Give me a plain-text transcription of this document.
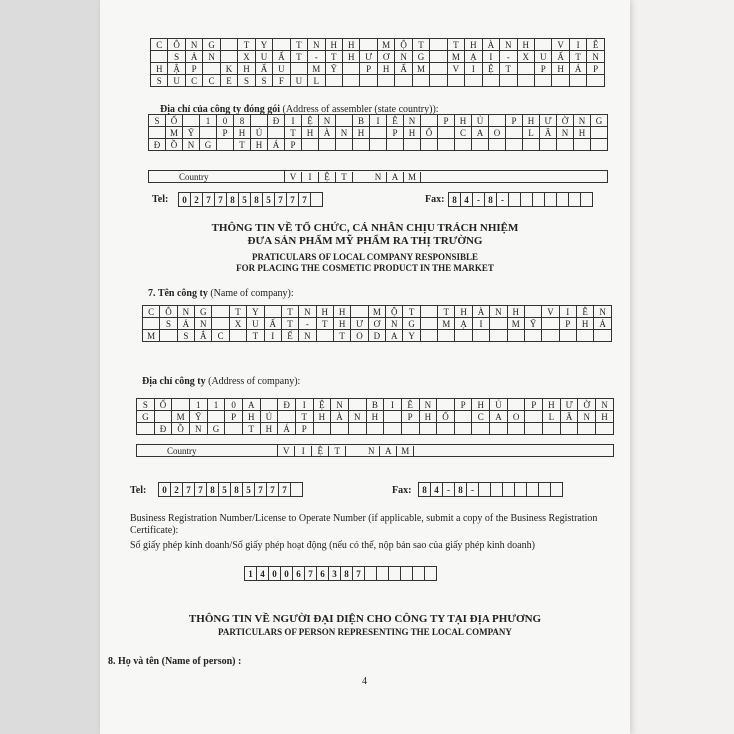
C	Ô	N	G		T	Y		T	N	H	H		M	Ộ	T		T	H	À	N	H		V	I	Ê
	S	Ả	N		X	U	Ấ	T	-	T	H	Ư	Ơ	N	G		M	Ạ	I	-	X	U	Ấ	T	N
H	Ậ	P		K	H	Ẩ	U		M	Ỹ		P	H	Ẩ	M		V	I	Ệ	T		P	H	Á	P
S	U	C	C	E	S	S	F	U	L																
Địa chỉ của công ty đóng gói (Address of assembler (state country)):
S	Ố		1	0	8		Đ	I	Ệ	N		B	I	Ê	N		P	H	Ủ		P	H	Ư	Ờ	N	G
	M	Ỹ		P	H	Ú		T	H	À	N	H		P	H	Ố		C	A	O		L	Ã	N	H	
Đ	Ồ	N	G		T	H	Á	P																		
Country	V I Ệ T	N A M
Tel: 0	2	7	7	8	5	8	5	7	7	7		Fax: 8	4	-	8	-							
THÔNG TIN VỀ TỔ CHỨC, CÁ NHÂN CHỊU TRÁCH NHIỆM
ĐƯA SẢN PHẨM MỸ PHẨM RA THỊ TRƯỜNG
PRATICULARS OF LOCAL COMPANY RESPONSIBLE
FOR PLACING THE COSMETIC PRODUCT IN THE MARKET
7. Tên công ty (Name of company):
C	Ô	N	G		T	Y		T	N	H	H		M	Ộ	T		T	H	À	N	H		V	I	Ê	N
	S	Ả	N		X	U	Ấ	T	-	T	H	Ư	Ơ	N	G		M	Ạ	I		M	Ỹ		P	H	Ả
M		S	Ắ	C		T	I	Ế	N		T	O	D	A	Y											
Địa chỉ công ty (Address of company):
S	Ố		1	1	0	A		Đ	I	Ệ	N		B	I	Ê	N		P	H	Ủ		P	H	Ư	Ờ	N
G		M	Ỹ		P	H	Ú		T	H	À	N	H		P	H	Ố		C	A	O		L	Ã	N	H
	Đ	Ồ	N	G		T	H	Á	P																	
Country	V I Ệ T	N A M
Tel: 0	2	7	7	8	5	8	5	7	7	7		Fax: 8	4	-	8	-							
Business Registration Number/License to Operate Number (if applicable, submit a copy of the Business Registration Certificate):
Số giấy phép kinh doanh/Số giấy phép hoạt động (nếu có thể, nộp bản sao của giấy phép kinh doanh)
1	4	0	0	6	7	6	3	8	7						
THÔNG TIN VỀ NGƯỜI ĐẠI DIỆN CHO CÔNG TY TẠI ĐỊA PHƯƠNG
PARTICULARS OF PERSON REPRESENTING THE LOCAL COMPANY
8. Họ và tên (Name of person) :
4
